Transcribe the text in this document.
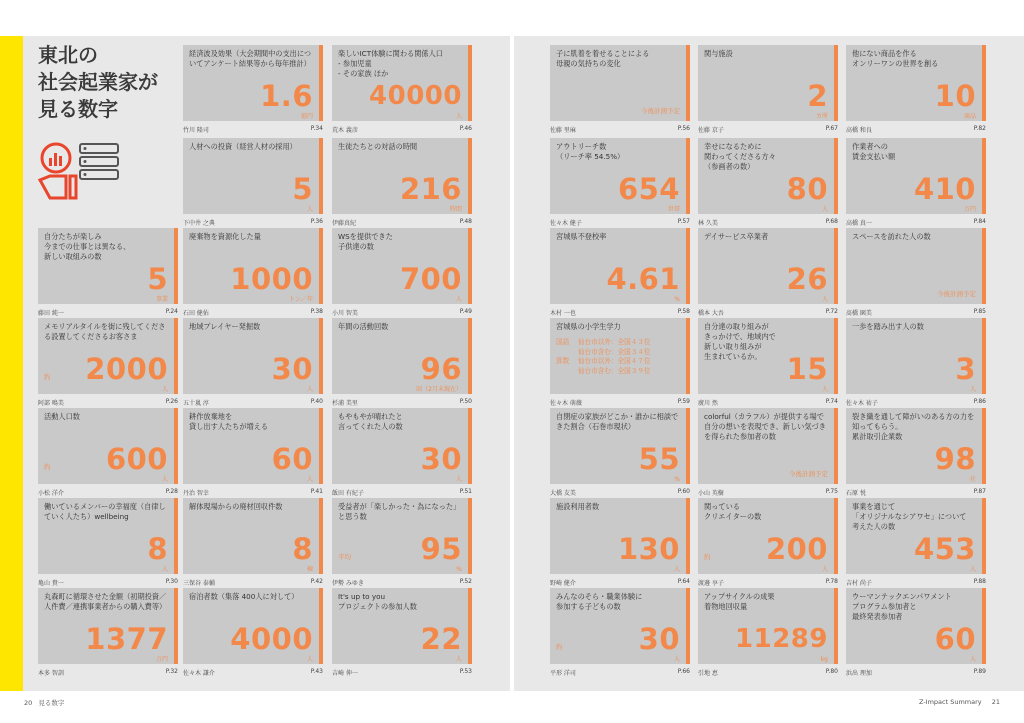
東北の
社会起業家が
見る数字
経済波及効果（大会期間中の支出についてアンケート結果等から毎年推計）
1.6
億円
竹川 隆司	P.34
楽しいICT体験に関わる関係人口
- 参加児童
- その家族 ほか
40000
人
荒木 義彦	P.46
子に肌着を着せることによる
母親の気持ちの変化
今後計測予定
佐藤 里麻	P.56
関与施設
2
カ所
佐藤 京子	P.67
他にない商品を作る
オンリーワンの世界を創る
10
商品
高橋 和良	P.82
人材への投資（経営人材の採用）
5
人
下中井 之典	P.36
生徒たちとの対話の時間
216
時間
伊藤真紀	P.48
アウトリーチ数
（リーチ率 54.5%）
654
世帯
佐々木 健子	P.57
幸せになるために
関わってくださる方々
（参画者の数）
80
人
林 久美	P.68
作業者への
賃金支払い額
410
万円
高橋 真一	P.84
自分たちが楽しみ
今までの仕事とは異なる、
新しい取組みの数
5
事業
藤田 純一	P.24
廃棄物を資源化した量
1000
トン／年
石田 健佑	P.38
WSを提供できた
子供達の数
700
人
小川 智美	P.49
宮城県不登校率
4.61
%
木村 一也	P.58
デイサービス卒業者
26
人
橋本 大吾	P.72
スペースを訪れた人の数
今後計測予定
髙橋 園美	P.85
メモリアルタイルを街に残してくださる設置してくださるお客さま
約 2000
人
阿部 鳴美	P.26
地域プレイヤー発掘数
30
人
五十嵐 淳	P.40
年間の活動回数
96
回（2月末現在）
杉浦 美里	P.50
宮城県の小学生学力
国語 仙台市以外：全国４３位
仙台市含む：全国３４位
算数 仙台市以外：全国４７位
仙台市含む：全国３９位
佐々木 萌薇	P.59
自分達の取り組みが
きっかけで、地域内で
新しい取り組みが
生まれているか。 15
人
廣川 然	P.74
一歩を踏み出す人の数
3
人
佐々木 祐子	P.86
活動人口数
約 600
人
小松 洋介	P.28
耕作放棄地を
貸し出す人たちが増える
60
人
丹治 智幸	P.41
もやもやが晴れたと
言ってくれた人の数
30
人
飯田 有紀子	P.51
自閉症の家族がどこか・誰かに相談できた割合（石巻市現状）
55
%
大橋 友美	P.60
colorful（カラフル）が提供する場で自分の想いを表現でき、新しい気づきを得られた参加者の数
今後計測予定
小山 英樹	P.75
裂き織を通して障がいのある方の力を知ってもらう。
累計取引企業数
98
社
石原 悦	P.87
働いているメンバーの幸福度（自律していく人たち）wellbeing
8
人
亀山 貴一	P.30
解体現場からの廃材回収件数
8
棟
三保谷 泰輔	P.42
受益者が「楽しかった・為になった」と思う数
平均 95
%
伊勢 みゆき	P.52
施設利用者数
130
人
野崎 健介	P.64
関っている
クリエイターの数
約 200
人
渡邊 享子	P.78
事業を通じて
「オリジナルなシアワセ」について
考えた人の数
453
人
吉村 尚子	P.88
丸森町に循環させた金額（初期投資／人件費／連携事業者からの購入費等）
1377
万円
本多 智訓	P.32
宿泊者数（集落 400人に対して）
4000
人
佐々木 謙介	P.43
It's up to you
プロジェクトの参加人数
22
人
吉崎 伸一	P.53
みんなのそら・職業体験に
参加する子どもの数
約	30
人
平形 洋司	P.66
アップサイクルの成果
着物地回収量
11289
kg
引地 恵	P.80
ウーマンテックエンパワメント
プログラム参加者と
最終発表参加者
60
人
浜出 理加	P.89
20 見る数字	Z-Impact Summary 21
